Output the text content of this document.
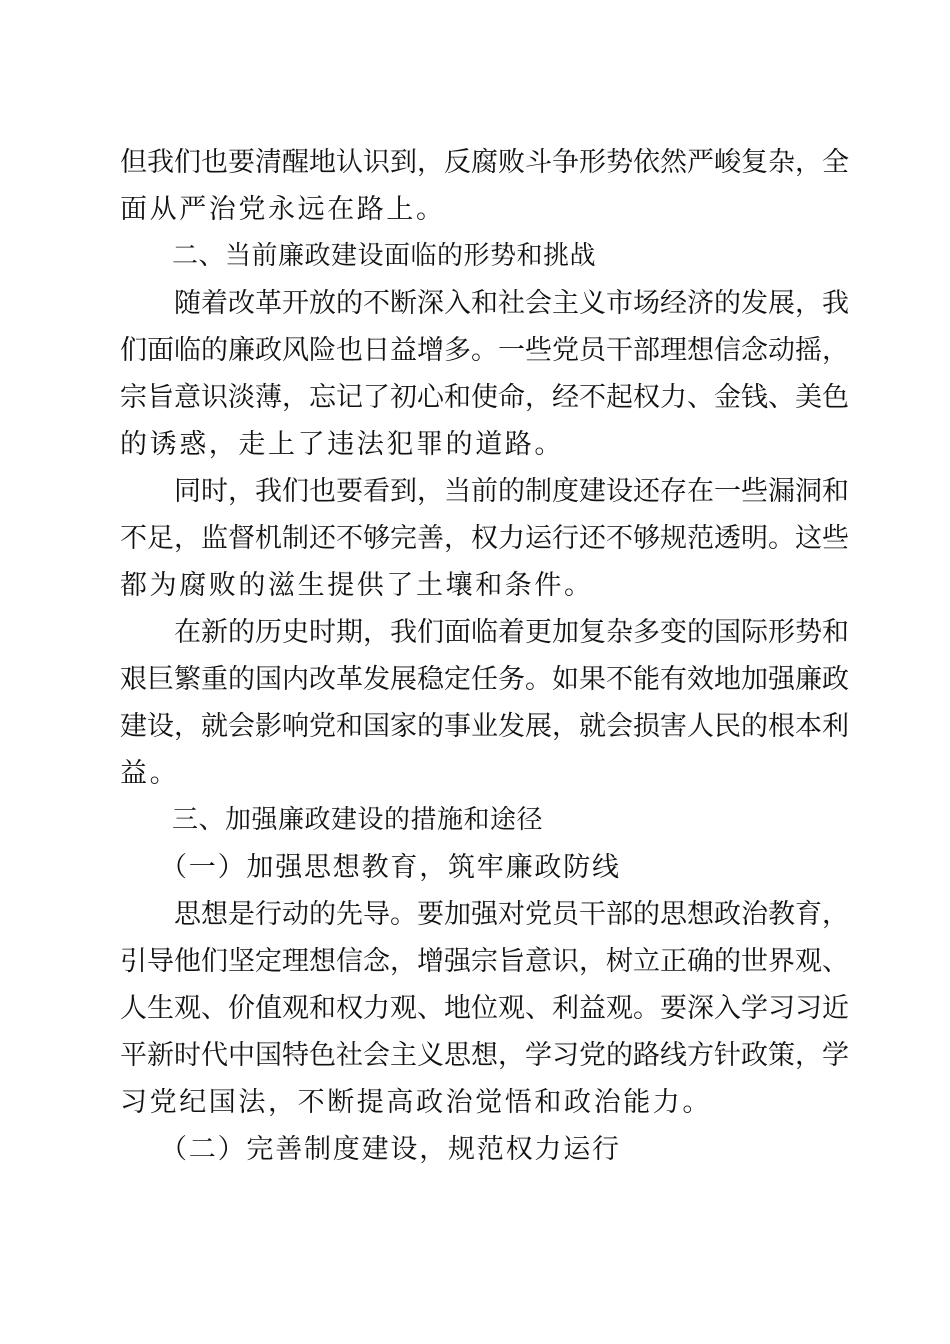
但我们也要清醒地认识到，反腐败斗争形势依然严峻复杂，全
面从严治党永远在路上。
二、当前廉政建设面临的形势和挑战
随着改革开放的不断深入和社会主义市场经济的发展，我
们面临的廉政风险也日益增多。一些党员干部理想信念动摇，
宗旨意识淡薄，忘记了初心和使命，经不起权力、金钱、美色
的诱惑，走上了违法犯罪的道路。
同时，我们也要看到，当前的制度建设还存在一些漏洞和
不足，监督机制还不够完善，权力运行还不够规范透明。这些
都为腐败的滋生提供了土壤和条件。
在新的历史时期，我们面临着更加复杂多变的国际形势和
艰巨繁重的国内改革发展稳定任务。如果不能有效地加强廉政
建设，就会影响党和国家的事业发展，就会损害人民的根本利
益。
三、加强廉政建设的措施和途径
（一）加强思想教育，筑牢廉政防线
思想是行动的先导。要加强对党员干部的思想政治教育，
引导他们坚定理想信念，增强宗旨意识，树立正确的世界观、
人生观、价值观和权力观、地位观、利益观。要深入学习习近
平新时代中国特色社会主义思想，学习党的路线方针政策，学
习党纪国法，不断提高政治觉悟和政治能力。
（二）完善制度建设，规范权力运行
